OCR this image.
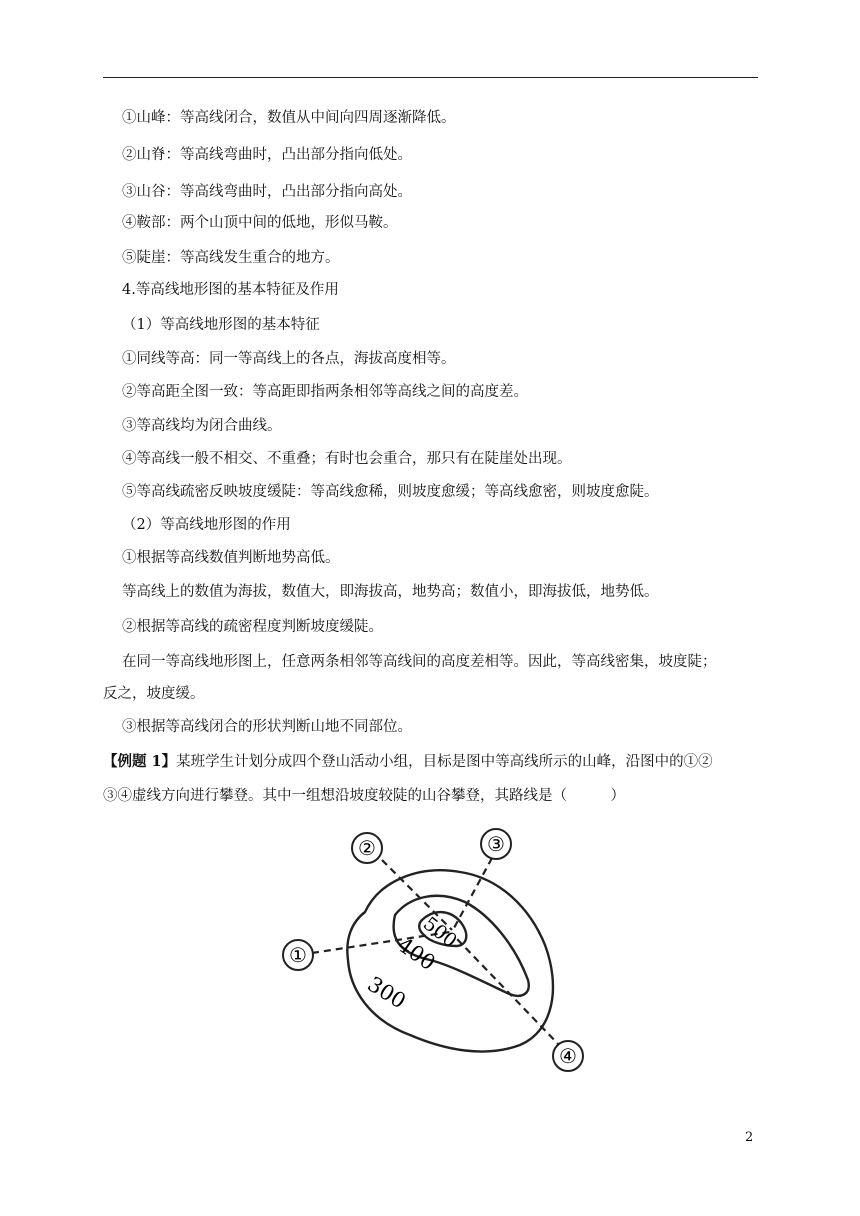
①山峰：等高线闭合，数值从中间向四周逐渐降低。
②山脊：等高线弯曲时，凸出部分指向低处。
③山谷：等高线弯曲时，凸出部分指向高处。
④鞍部：两个山顶中间的低地，形似马鞍。
⑤陡崖：等高线发生重合的地方。
4.等高线地形图的基本特征及作用
（1）等高线地形图的基本特征
①同线等高：同一等高线上的各点，海拔高度相等。
②等高距全图一致：等高距即指两条相邻等高线之间的高度差。
③等高线均为闭合曲线。
④等高线一般不相交、不重叠；有时也会重合，那只有在陡崖处出现。
⑤等高线疏密反映坡度缓陡：等高线愈稀，则坡度愈缓；等高线愈密，则坡度愈陡。
（2）等高线地形图的作用
①根据等高线数值判断地势高低。
等高线上的数值为海拔，数值大，即海拔高，地势高；数值小，即海拔低，地势低。
②根据等高线的疏密程度判断坡度缓陡。
在同一等高线地形图上，任意两条相邻等高线间的高度差相等。因此，等高线密集，坡度陡；
反之，坡度缓。
③根据等高线闭合的形状判断山地不同部位。
【例题 1】某班学生计划分成四个登山活动小组，目标是图中等高线所示的山峰，沿图中的①②
③④虚线方向进行攀登。其中一组想沿坡度较陡的山谷攀登，其路线是（　　　）
①
②	③
④
300
400
500
2
